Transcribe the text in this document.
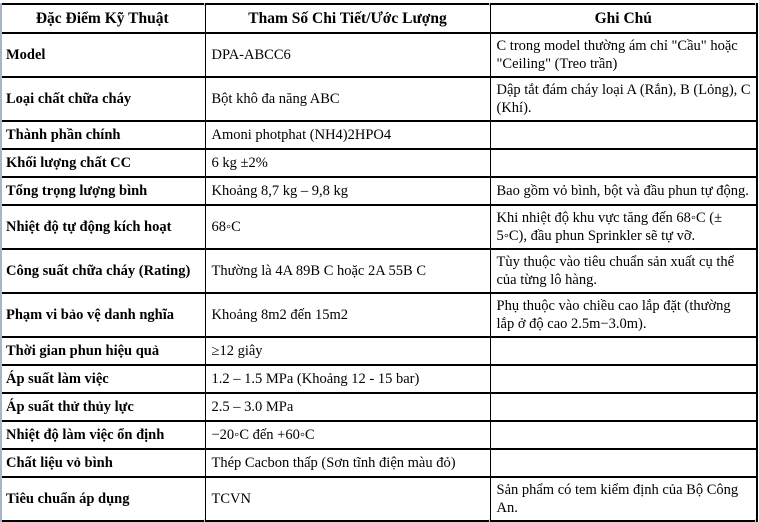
Đặc Điểm Kỹ Thuật	Tham Số Chi Tiết/Ước Lượng	Ghi Chú
Model	DPA-ABCC6	C trong model thường ám chỉ "Cầu" hoặc "Ceiling" (Treo trần)
Loại chất chữa cháy	Bột khô đa năng ABC	Dập tắt đám cháy loại A (Rắn), B (Lỏng), C (Khí).
Thành phần chính	Amoni photphat (NH4)2HPO4	
Khối lượng chất CC	6 kg ±2%	
Tổng trọng lượng bình	Khoảng 8,7 kg – 9,8 kg	Bao gồm vỏ bình, bột và đầu phun tự động.
Nhiệt độ tự động kích hoạt	68◦C	Khi nhiệt độ khu vực tăng đến 68◦C (± 5◦C), đầu phun Sprinkler sẽ tự vỡ.
Công suất chữa cháy (Rating)	Thường là 4A 89B C hoặc 2A 55B C	Tùy thuộc vào tiêu chuẩn sản xuất cụ thể của từng lô hàng.
Phạm vi bảo vệ danh nghĩa	Khoảng 8m2 đến 15m2	Phụ thuộc vào chiều cao lắp đặt (thường lắp ở độ cao 2.5m−3.0m).
Thời gian phun hiệu quả	≥12 giây	
Áp suất làm việc	1.2 – 1.5 MPa (Khoảng 12 - 15 bar)	
Áp suất thử thủy lực	2.5 – 3.0 MPa	
Nhiệt độ làm việc ổn định	−20◦C đến +60◦C	
Chất liệu vỏ bình	Thép Cacbon thấp (Sơn tĩnh điện màu đỏ)	
Tiêu chuẩn áp dụng	TCVN	Sản phẩm có tem kiểm định của Bộ Công An.
